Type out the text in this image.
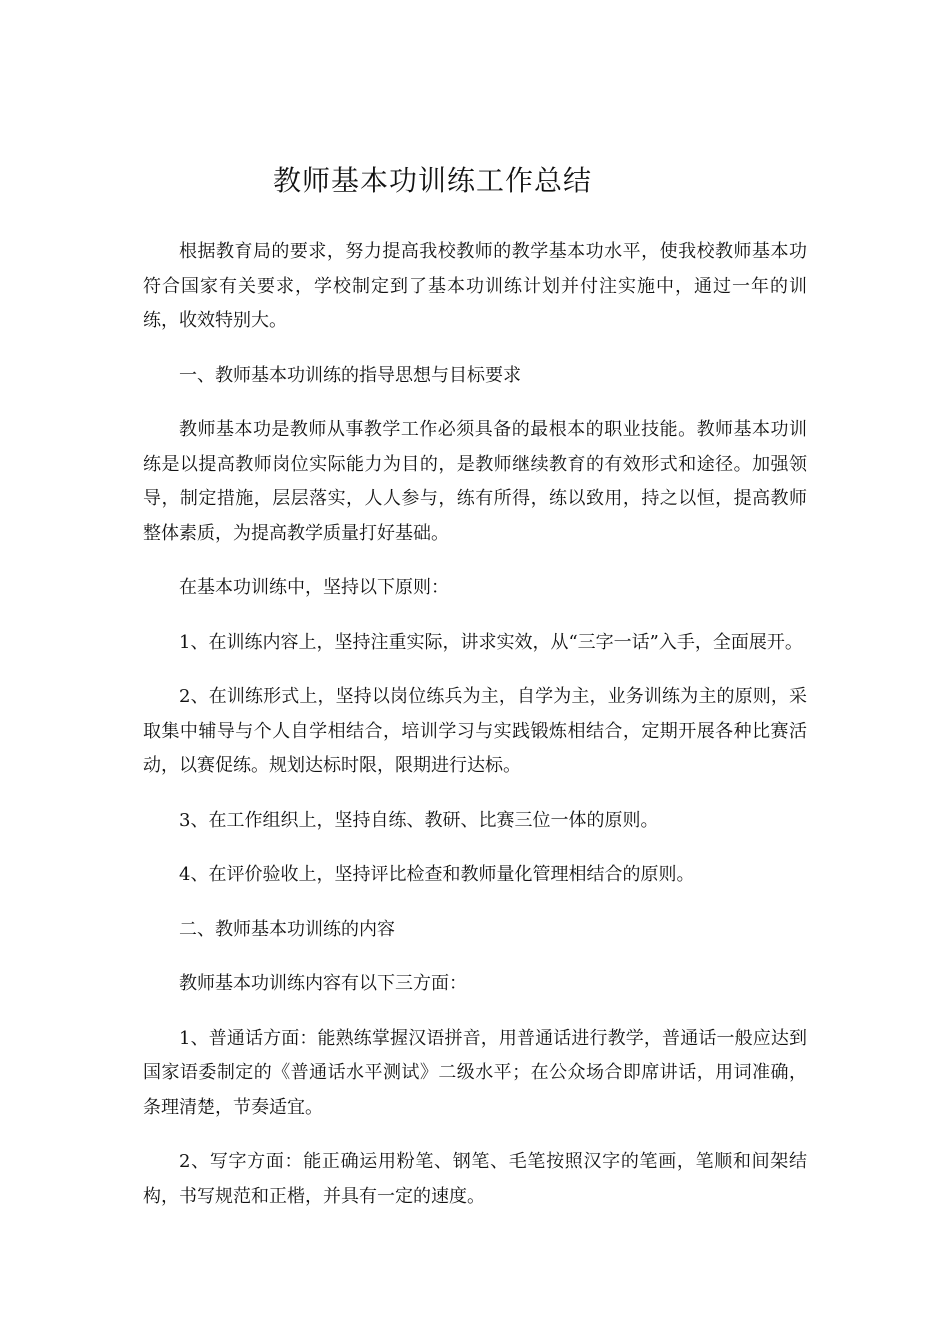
教师基本功训练工作总结

根据教育局的要求，努力提高我校教师的教学基本功水平，使我校教师基本功符合国家有关要求，学校制定到了基本功训练计划并付注实施中，通过一年的训练，收效特别大。

一、教师基本功训练的指导思想与目标要求

教师基本功是教师从事教学工作必须具备的最根本的职业技能。教师基本功训练是以提高教师岗位实际能力为目的，是教师继续教育的有效形式和途径。加强领导，制定措施，层层落实，人人参与，练有所得，练以致用，持之以恒，提高教师整体素质，为提高教学质量打好基础。

在基本功训练中，坚持以下原则：

1、在训练内容上，坚持注重实际，讲求实效，从“三字一话”入手，全面展开。

2、在训练形式上，坚持以岗位练兵为主，自学为主，业务训练为主的原则，采取集中辅导与个人自学相结合，培训学习与实践锻炼相结合，定期开展各种比赛活动，以赛促练。规划达标时限，限期进行达标。

3、在工作组织上，坚持自练、教研、比赛三位一体的原则。

4、在评价验收上，坚持评比检查和教师量化管理相结合的原则。

二、教师基本功训练的内容

教师基本功训练内容有以下三方面：

1、普通话方面：能熟练掌握汉语拼音，用普通话进行教学，普通话一般应达到国家语委制定的《普通话水平测试》二级水平；在公众场合即席讲话，用词准确，条理清楚，节奏适宜。

2、写字方面：能正确运用粉笔、钢笔、毛笔按照汉字的笔画，笔顺和间架结构，书写规范和正楷，并具有一定的速度。
